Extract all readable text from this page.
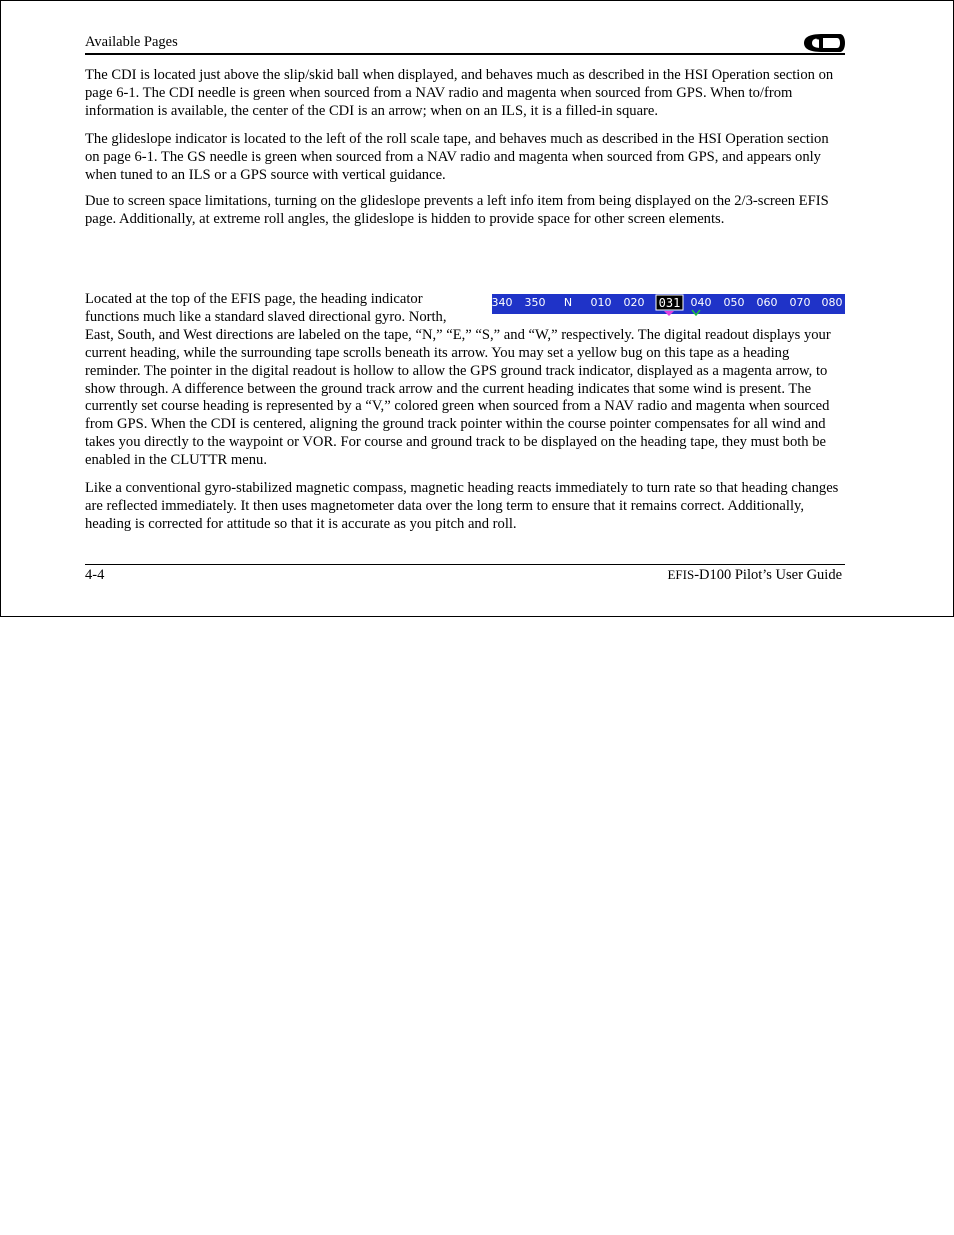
Available Pages

The CDI is located just above the slip/skid ball when displayed, and behaves much as described in the HSI Operation section on page 6-1. The CDI needle is green when sourced from a NAV radio and magenta when sourced from GPS. When to/from information is available, the center of the CDI is an arrow; when on an ILS, it is a filled-in square.

The glideslope indicator is located to the left of the roll scale tape, and behaves much as described in the HSI Operation section on page 6-1. The GS needle is green when sourced from a NAV radio and magenta when sourced from GPS, and appears only when tuned to an ILS or a GPS source with vertical guidance.

Due to screen space limitations, turning on the glideslope prevents a left info item from being displayed on the 2/3-screen EFIS page. Additionally, at extreme roll angles, the glideslope is hidden to provide space for other screen elements.

340 350 N 010 020 031 040 050 060 070 080
Located at the top of the EFIS page, the heading indicator functions much like a standard slaved directional gyro. North, East, South, and West directions are labeled on the tape, “N,” “E,” “S,” and “W,” respectively. The digital readout displays your current heading, while the surrounding tape scrolls beneath its arrow. You may set a yellow bug on this tape as a heading reminder. The pointer in the digital readout is hollow to allow the GPS ground track indicator, displayed as a magenta arrow, to show through. A difference between the ground track arrow and the current heading indicates that some wind is present. The currently set course heading is represented by a “V,” colored green when sourced from a NAV radio and magenta when sourced from GPS. When the CDI is centered, aligning the ground track pointer within the course pointer compensates for all wind and takes you directly to the waypoint or VOR. For course and ground track to be displayed on the heading tape, they must both be enabled in the CLUTTR menu.

Like a conventional gyro-stabilized magnetic compass, magnetic heading reacts immediately to turn rate so that heading changes are reflected immediately. It then uses magnetometer data over the long term to ensure that it remains correct. Additionally, heading is corrected for attitude so that it is accurate as you pitch and roll.

4-4	EFIS-D100 Pilot’s User Guide
